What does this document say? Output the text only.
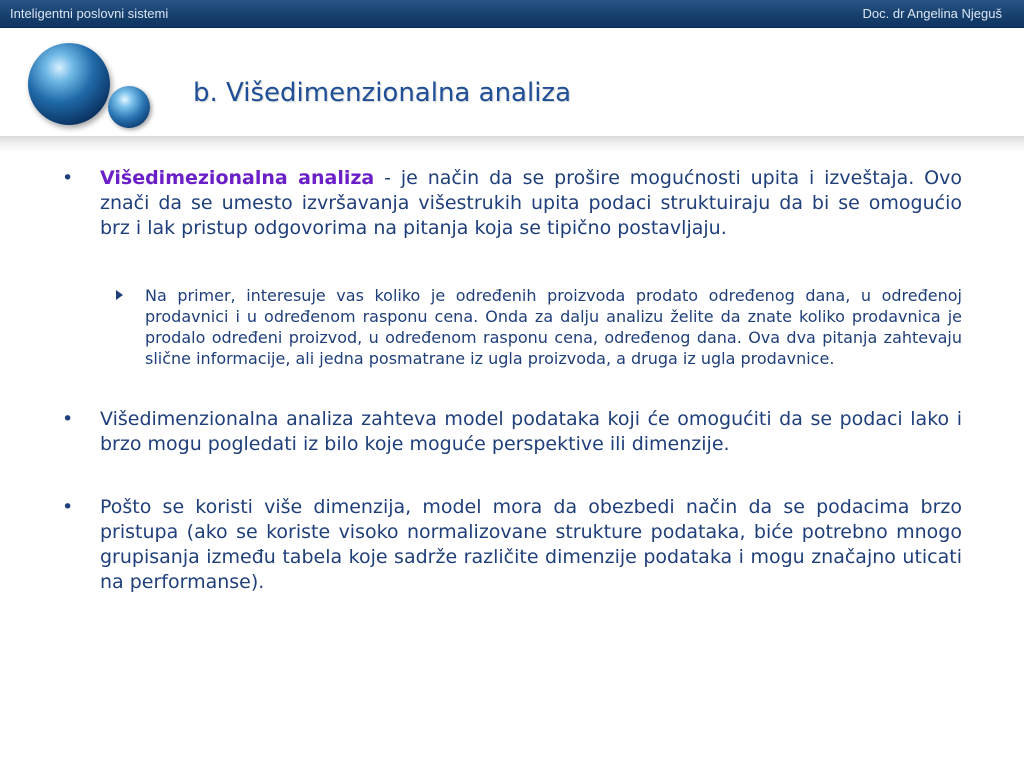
Inteligentni poslovni sistemi	Doc. dr Angelina Njeguš
b. Višedimenzionalna analiza

• Višedimezionalna analiza - je način da se proširе mogućnosti upita i izveštaja. Ovo znači da se umesto izvršavanja višestrukih upita podaci struktuiraju da bi se omogućio brz i lak pristup odgovorima na pitanja koja se tipično postavljaju.

Na primer, interesuje vas koliko je određenih proizvoda prodato određenog dana, u određenoj prodavnici i u određenom rasponu cena. Onda za dalju analizu želite da znate koliko prodavnica je prodalo određeni proizvod, u određenom rasponu cena, određenog dana. Ova dva pitanja zahtevaju slične informacije, ali jedna posmatrane iz ugla proizvoda, a druga iz ugla prodavnice.

• Višedimenzionalna analiza zahteva model podataka koji će omogućiti da se podaci lako i brzo mogu pogledati iz bilo koje moguće perspektive ili dimenzije.

• Pošto se koristi više dimenzija, model mora da obezbedi način da se podacima brzo pristupa (ako se koriste visoko normalizovane strukture podataka, biće potrebno mnogo grupisanja između tabela koje sadrže različite dimenzije podataka i mogu značajno uticati na performanse).
